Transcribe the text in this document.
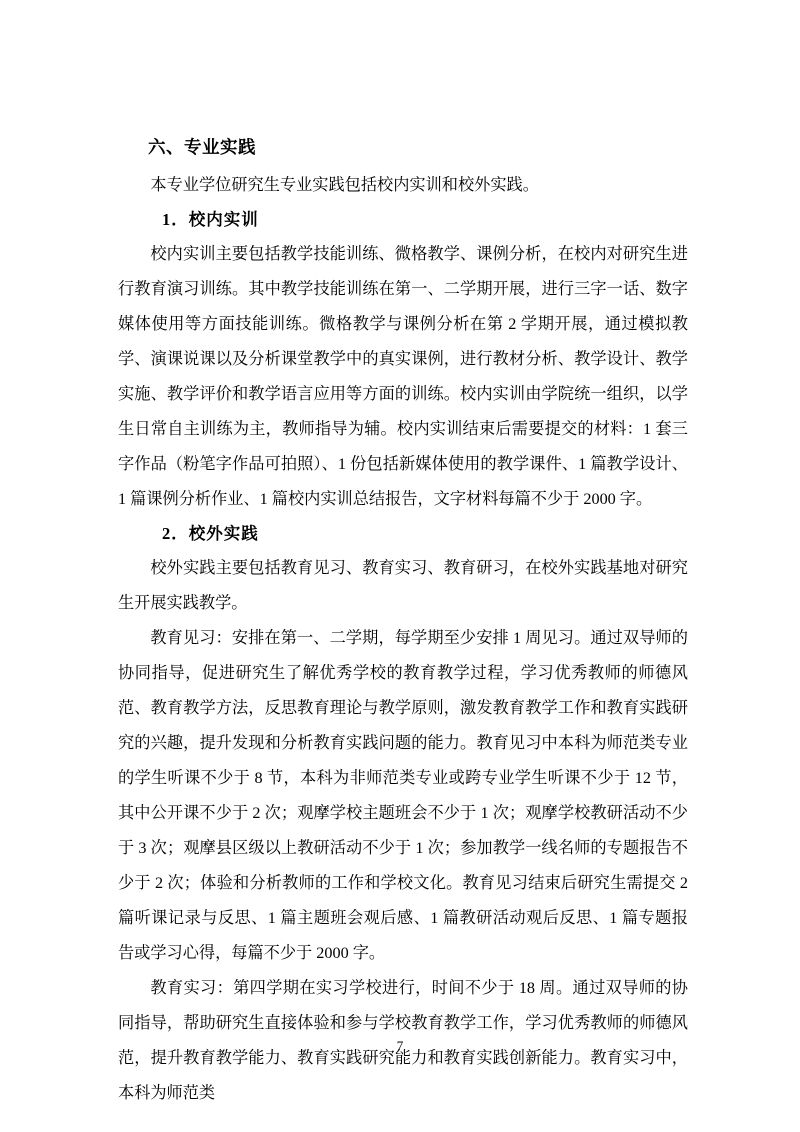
六、专业实践

本专业学位研究生专业实践包括校内实训和校外实践。

1．校内实训

校内实训主要包括教学技能训练、微格教学、课例分析，在校内对研究生进行教育演习训练。其中教学技能训练在第一、二学期开展，进行三字一话、数字媒体使用等方面技能训练。微格教学与课例分析在第 2 学期开展，通过模拟教学、演课说课以及分析课堂教学中的真实课例，进行教材分析、教学设计、教学实施、教学评价和教学语言应用等方面的训练。校内实训由学院统一组织，以学生日常自主训练为主，教师指导为辅。校内实训结束后需要提交的材料：1 套三字作品（粉笔字作品可拍照）、1 份包括新媒体使用的教学课件、1 篇教学设计、1 篇课例分析作业、1 篇校内实训总结报告，文字材料每篇不少于 2000 字。

2．校外实践

校外实践主要包括教育见习、教育实习、教育研习，在校外实践基地对研究生开展实践教学。

教育见习：安排在第一、二学期，每学期至少安排 1 周见习。通过双导师的协同指导，促进研究生了解优秀学校的教育教学过程，学习优秀教师的师德风范、教育教学方法，反思教育理论与教学原则，激发教育教学工作和教育实践研究的兴趣，提升发现和分析教育实践问题的能力。教育见习中本科为师范类专业的学生听课不少于 8 节，本科为非师范类专业或跨专业学生听课不少于 12 节，其中公开课不少于 2 次；观摩学校主题班会不少于 1 次；观摩学校教研活动不少于 3 次；观摩县区级以上教研活动不少于 1 次；参加教学一线名师的专题报告不少于 2 次；体验和分析教师的工作和学校文化。教育见习结束后研究生需提交 2 篇听课记录与反思、1 篇主题班会观后感、1 篇教研活动观后反思、1 篇专题报告或学习心得，每篇不少于 2000 字。

教育实习：第四学期在实习学校进行，时间不少于 18 周。通过双导师的协同指导，帮助研究生直接体验和参与学校教育教学工作，学习优秀教师的师德风范，提升教育教学能力、教育实践研究能力和教育实践创新能力。教育实习中，本科为师范类

7
